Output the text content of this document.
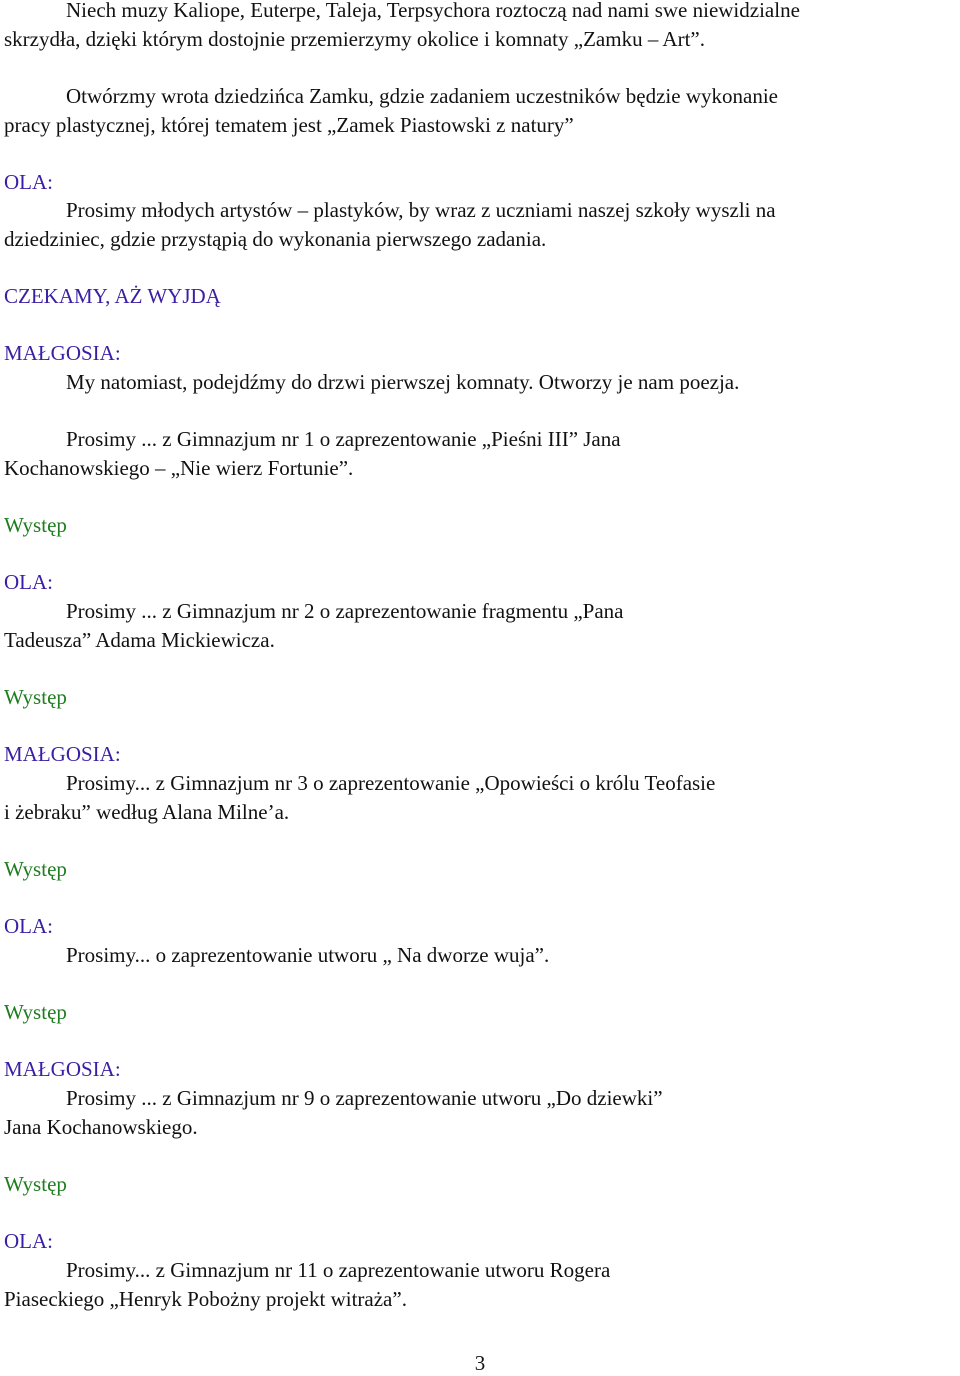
Niech muzy Kaliope, Euterpe, Taleja, Terpsychora roztoczą nad nami swe niewidzialne
skrzydła, dzięki którym dostojnie przemierzymy okolice i komnaty „Zamku – Art”.
Otwórzmy wrota dziedzińca Zamku, gdzie zadaniem uczestników będzie wykonanie
pracy plastycznej, której tematem jest „Zamek Piastowski z natury”
OLA:
Prosimy młodych artystów – plastyków, by wraz z uczniami naszej szkoły wyszli na
dziedziniec, gdzie przystąpią do wykonania pierwszego zadania.
CZEKAMY, AŻ WYJDĄ
MAŁGOSIA:
My natomiast, podejdźmy do drzwi pierwszej komnaty. Otworzy je nam poezja.
Prosimy ... z Gimnazjum nr 1 o zaprezentowanie „Pieśni III” Jana
Kochanowskiego – „Nie wierz Fortunie”.
Występ
OLA:
Prosimy ... z Gimnazjum nr 2 o zaprezentowanie fragmentu „Pana
Tadeusza” Adama Mickiewicza.
Występ
MAŁGOSIA:
Prosimy... z Gimnazjum nr 3 o zaprezentowanie „Opowieści o królu Teofasie
i żebraku” według Alana Milne’a.
Występ
OLA:
Prosimy... o zaprezentowanie utworu „ Na dworze wuja”.
Występ
MAŁGOSIA:
Prosimy ... z Gimnazjum nr 9 o zaprezentowanie utworu „Do dziewki”
Jana Kochanowskiego.
Występ
OLA:
Prosimy... z Gimnazjum nr 11 o zaprezentowanie utworu Rogera
Piaseckiego „Henryk Pobożny projekt witraża”.
3
